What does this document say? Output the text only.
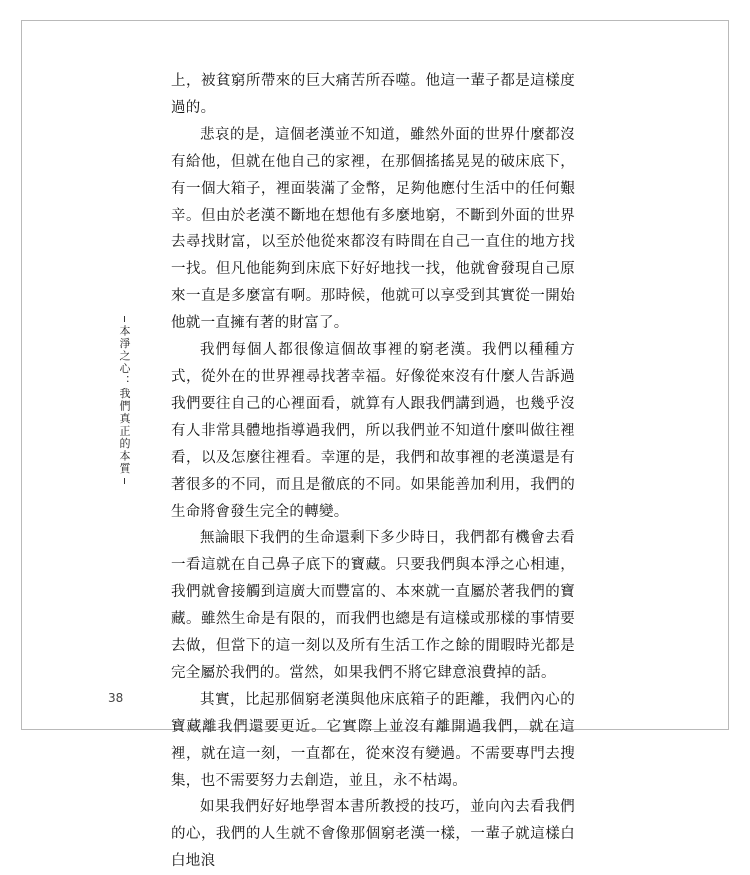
本淨之心：我們真正的本質

上，被貧窮所帶來的巨大痛苦所吞噬。他這一輩子都是這樣度過的。

悲哀的是，這個老漢並不知道，雖然外面的世界什麼都沒有給他，但就在他自己的家裡，在那個搖搖晃晃的破床底下，有一個大箱子，裡面裝滿了金幣，足夠他應付生活中的任何艱辛。但由於老漢不斷地在想他有多麼地窮，不斷到外面的世界去尋找財富，以至於他從來都沒有時間在自己一直住的地方找一找。但凡他能夠到床底下好好地找一找，他就會發現自己原來一直是多麼富有啊。那時候，他就可以享受到其實從一開始他就一直擁有著的財富了。

我們每個人都很像這個故事裡的窮老漢。我們以種種方式，從外在的世界裡尋找著幸福。好像從來沒有什麼人告訴過我們要往自己的心裡面看，就算有人跟我們講到過，也幾乎沒有人非常具體地指導過我們，所以我們並不知道什麼叫做往裡看，以及怎麼往裡看。幸運的是，我們和故事裡的老漢還是有著很多的不同，而且是徹底的不同。如果能善加利用，我們的生命將會發生完全的轉變。

無論眼下我們的生命還剩下多少時日，我們都有機會去看一看這就在自己鼻子底下的寶藏。只要我們與本淨之心相連，我們就會接觸到這廣大而豐富的、本來就一直屬於著我們的寶藏。雖然生命是有限的，而我們也總是有這樣或那樣的事情要去做，但當下的這一刻以及所有生活工作之餘的閒暇時光都是完全屬於我們的。當然，如果我們不將它肆意浪費掉的話。

其實，比起那個窮老漢與他床底箱子的距離，我們內心的寶藏離我們還要更近。它實際上並沒有離開過我們，就在這裡，就在這一刻，一直都在，從來沒有變過。不需要專門去搜集，也不需要努力去創造，並且，永不枯竭。

如果我們好好地學習本書所教授的技巧，並向內去看我們的心，我們的人生就不會像那個窮老漢一樣，一輩子就這樣白白地浪

38
